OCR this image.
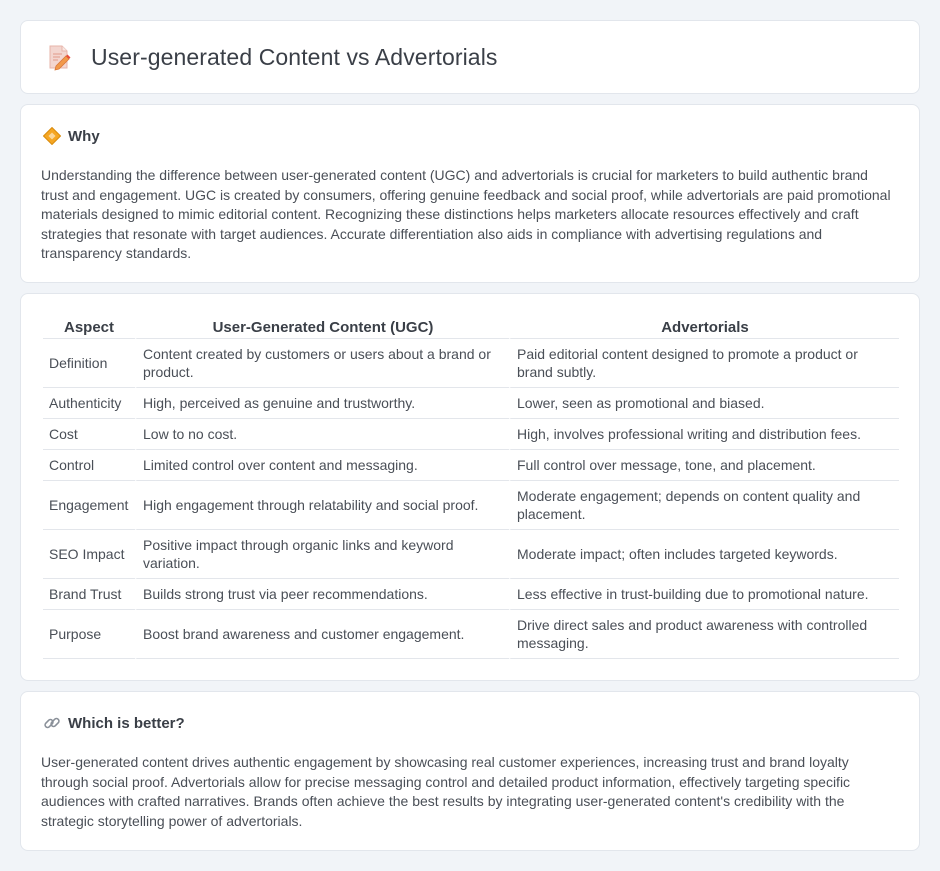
User-generated Content vs Advertorials
Why

Understanding the difference between user-generated content (UGC) and advertorials is crucial for marketers to build authentic brand trust and engagement. UGC is created by consumers, offering genuine feedback and social proof, while advertorials are paid promotional materials designed to mimic editorial content. Recognizing these distinctions helps marketers allocate resources effectively and craft strategies that resonate with target audiences. Accurate differentiation also aids in compliance with advertising regulations and transparency standards.

Aspect	User-Generated Content (UGC)	Advertorials
Definition	Content created by customers or users about a brand or product.	Paid editorial content designed to promote a product or brand subtly.
Authenticity	High, perceived as genuine and trustworthy.	Lower, seen as promotional and biased.
Cost	Low to no cost.	High, involves professional writing and distribution fees.
Control	Limited control over content and messaging.	Full control over message, tone, and placement.
Engagement	High engagement through relatability and social proof.	Moderate engagement; depends on content quality and placement.
SEO Impact	Positive impact through organic links and keyword variation.	Moderate impact; often includes targeted keywords.
Brand Trust	Builds strong trust via peer recommendations.	Less effective in trust-building due to promotional nature.
Purpose	Boost brand awareness and customer engagement.	Drive direct sales and product awareness with controlled messaging.
Which is better?

User-generated content drives authentic engagement by showcasing real customer experiences, increasing trust and brand loyalty through social proof. Advertorials allow for precise messaging control and detailed product information, effectively targeting specific audiences with crafted narratives. Brands often achieve the best results by integrating user-generated content's credibility with the strategic storytelling power of advertorials.
